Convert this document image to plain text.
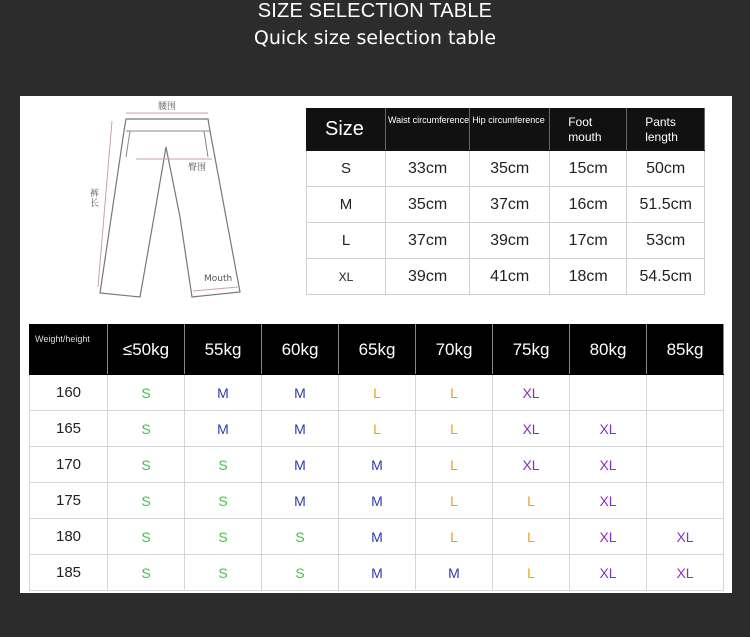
SIZE SELECTION TABLE
Quick size selection table
腰围
臀围
裤长
Mouth
Size	Waist circumference	Hip circumference	Foot mouth	Pants length
S	33cm	35cm	15cm	50cm
M	35cm	37cm	16cm	51.5cm
L	37cm	39cm	17cm	53cm
XL	39cm	41cm	18cm	54.5cm
Weight/height	≤50kg	55kg	60kg	65kg	70kg	75kg	80kg	85kg
160	S	M	M	L	L	XL		
165	S	M	M	L	L	XL	XL	
170	S	S	M	M	L	XL	XL	
175	S	S	M	M	L	L	XL	
180	S	S	S	M	L	L	XL	XL
185	S	S	S	M	M	L	XL	XL
